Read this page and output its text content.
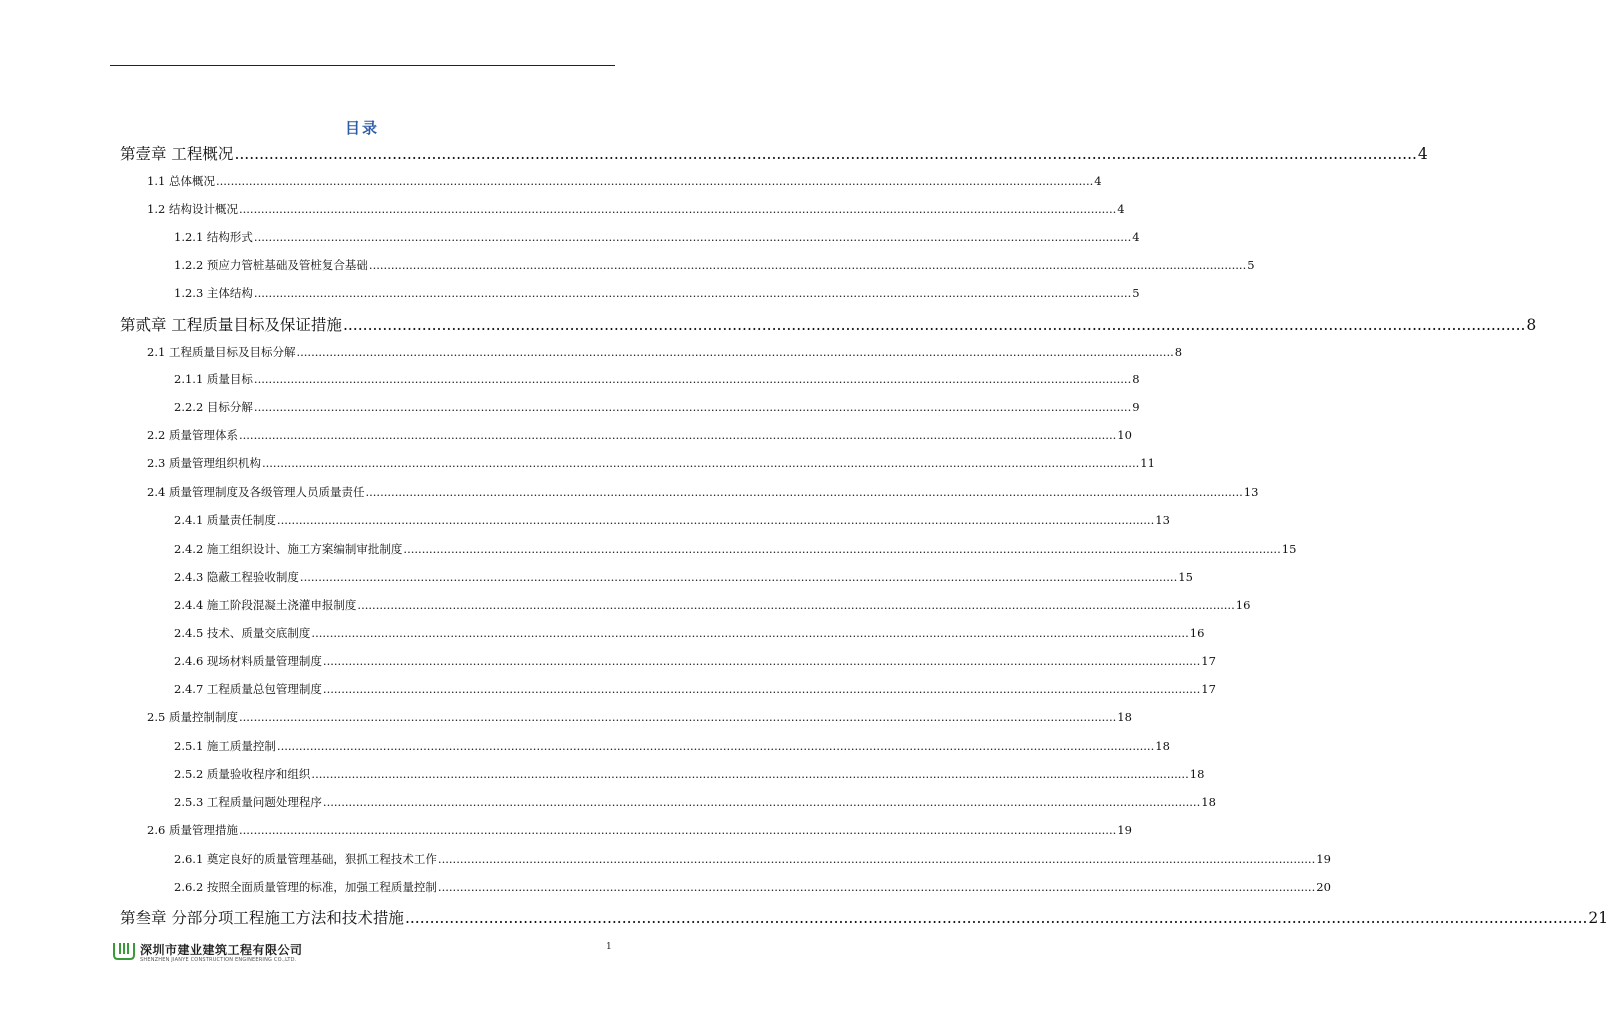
目录
第壹章 工程概况 ................................................................................................................................................................................................................................................ 4
1.1 总体概况 ................................................................................................................................................................................................................................................ 4
1.2 结构设计概况 ................................................................................................................................................................................................................................................ 4
1.2.1 结构形式 ................................................................................................................................................................................................................................................ 4
1.2.2 预应力管桩基础及管桩复合基础 ................................................................................................................................................................................................................................................ 5
1.2.3 主体结构 ................................................................................................................................................................................................................................................ 5
第贰章 工程质量目标及保证措施 ................................................................................................................................................................................................................................................ 8
2.1 工程质量目标及目标分解 ................................................................................................................................................................................................................................................ 8
2.1.1 质量目标 ................................................................................................................................................................................................................................................ 8
2.2.2 目标分解 ................................................................................................................................................................................................................................................ 9
2.2 质量管理体系 ................................................................................................................................................................................................................................................ 10
2.3 质量管理组织机构 ................................................................................................................................................................................................................................................ 11
2.4 质量管理制度及各级管理人员质量责任 ................................................................................................................................................................................................................................................ 13
2.4.1 质量责任制度 ................................................................................................................................................................................................................................................ 13
2.4.2 施工组织设计、施工方案编制审批制度 ................................................................................................................................................................................................................................................ 15
2.4.3 隐蔽工程验收制度 ................................................................................................................................................................................................................................................ 15
2.4.4 施工阶段混凝土浇灌申报制度 ................................................................................................................................................................................................................................................ 16
2.4.5 技术、质量交底制度 ................................................................................................................................................................................................................................................ 16
2.4.6 现场材料质量管理制度 ................................................................................................................................................................................................................................................ 17
2.4.7 工程质量总包管理制度 ................................................................................................................................................................................................................................................ 17
2.5 质量控制制度 ................................................................................................................................................................................................................................................ 18
2.5.1 施工质量控制 ................................................................................................................................................................................................................................................ 18
2.5.2 质量验收程序和组织 ................................................................................................................................................................................................................................................ 18
2.5.3 工程质量问题处理程序 ................................................................................................................................................................................................................................................ 18
2.6 质量管理措施 ................................................................................................................................................................................................................................................ 19
2.6.1 奠定良好的质量管理基础，狠抓工程技术工作 ................................................................................................................................................................................................................................................ 19
2.6.2 按照全面质量管理的标准，加强工程质量控制 ................................................................................................................................................................................................................................................ 20
第叁章 分部分项工程施工方法和技术措施 ................................................................................................................................................................................................................................................ 21
深圳市建业建筑工程有限公司
SHENZHEN JIANYE CONSTRUCTION ENGINEERING CO.,LTD.
1
